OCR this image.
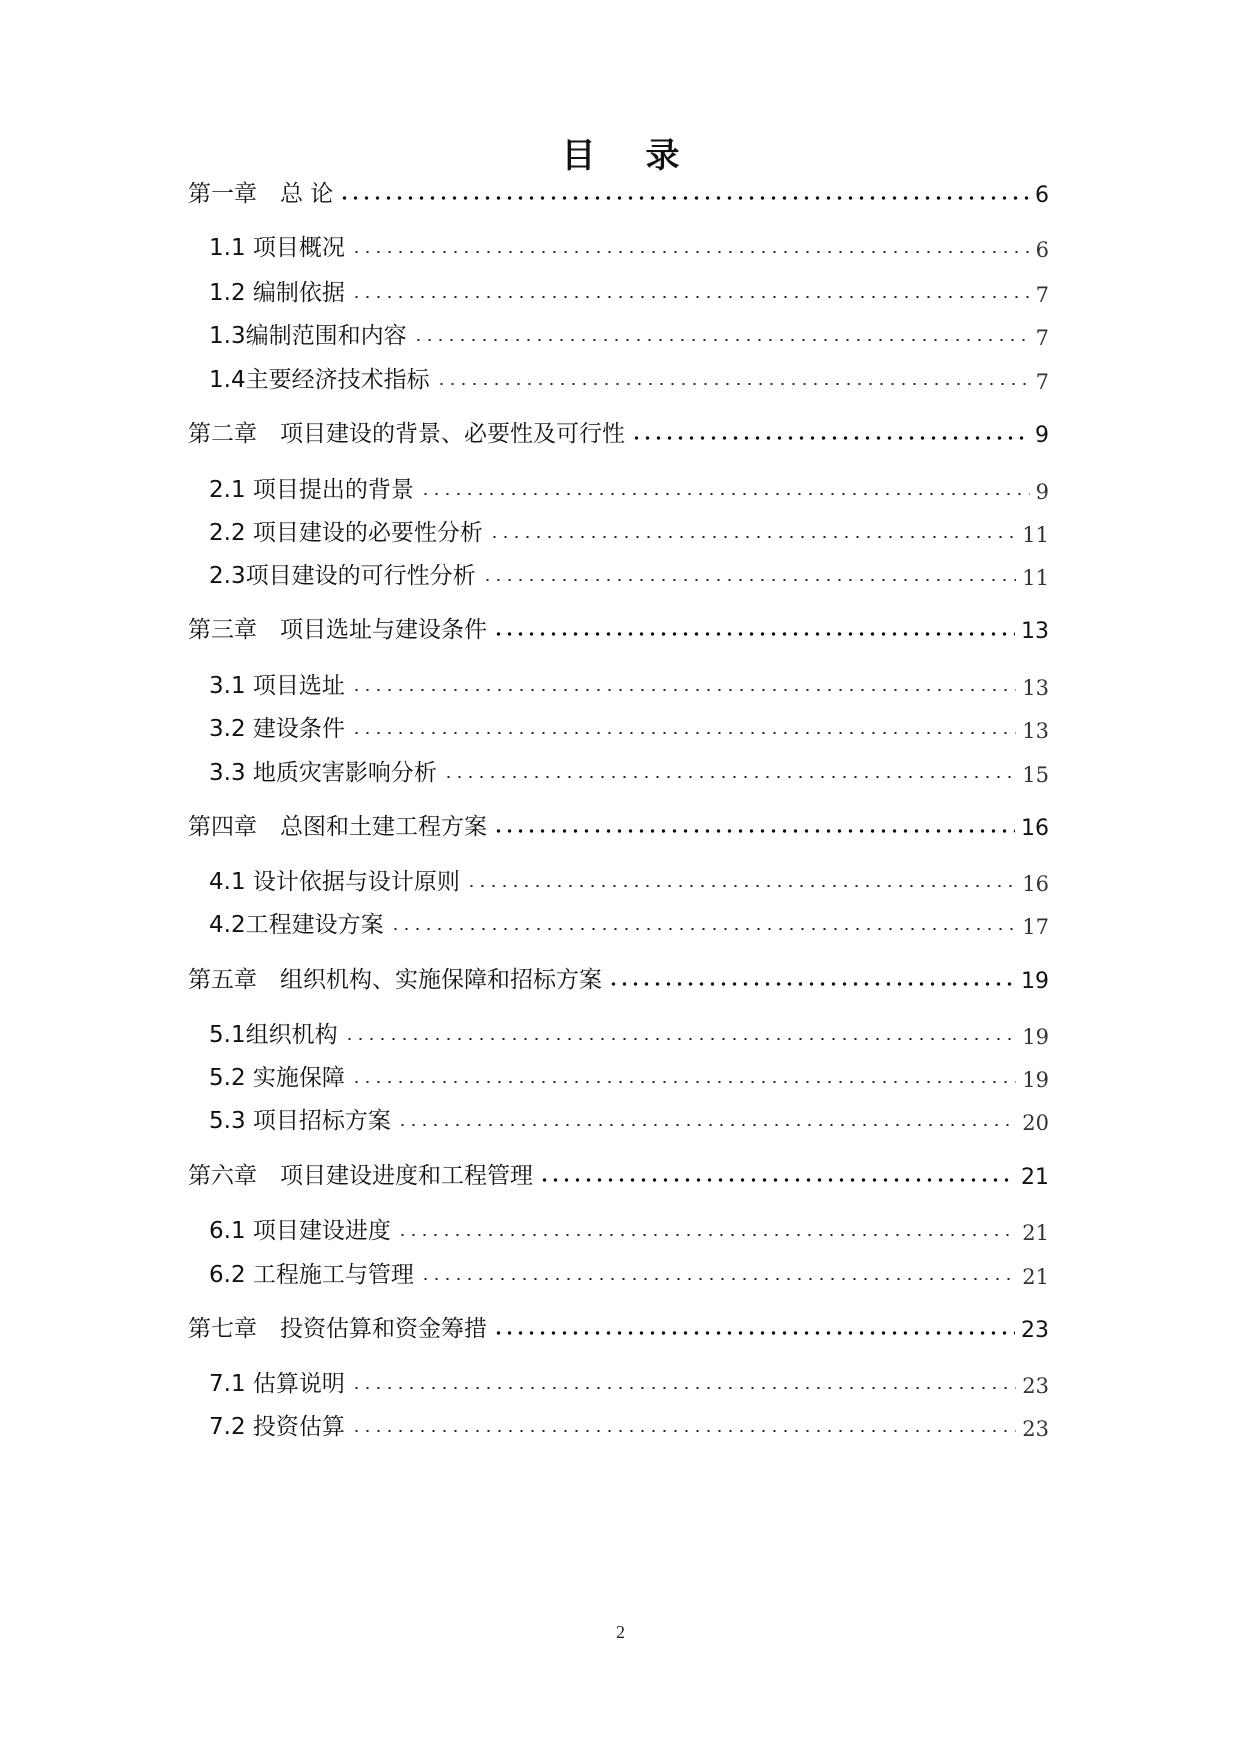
目 录
第一章　总 论	6
1.1 项目概况	6
1.2 编制依据	7
1.3编制范围和内容	7
1.4主要经济技术指标	7
第二章　项目建设的背景、必要性及可行性	9
2.1 项目提出的背景	9
2.2 项目建设的必要性分析	11
2.3项目建设的可行性分析	11
第三章　项目选址与建设条件	13
3.1 项目选址	13
3.2 建设条件	13
3.3 地质灾害影响分析	15
第四章　总图和土建工程方案	16
4.1 设计依据与设计原则	16
4.2工程建设方案	17
第五章　组织机构、实施保障和招标方案	19
5.1组织机构	19
5.2 实施保障	19
5.3 项目招标方案	20
第六章　项目建设进度和工程管理	21
6.1 项目建设进度	21
6.2 工程施工与管理	21
第七章　投资估算和资金筹措	23
7.1 估算说明	23
7.2 投资估算	23
2
